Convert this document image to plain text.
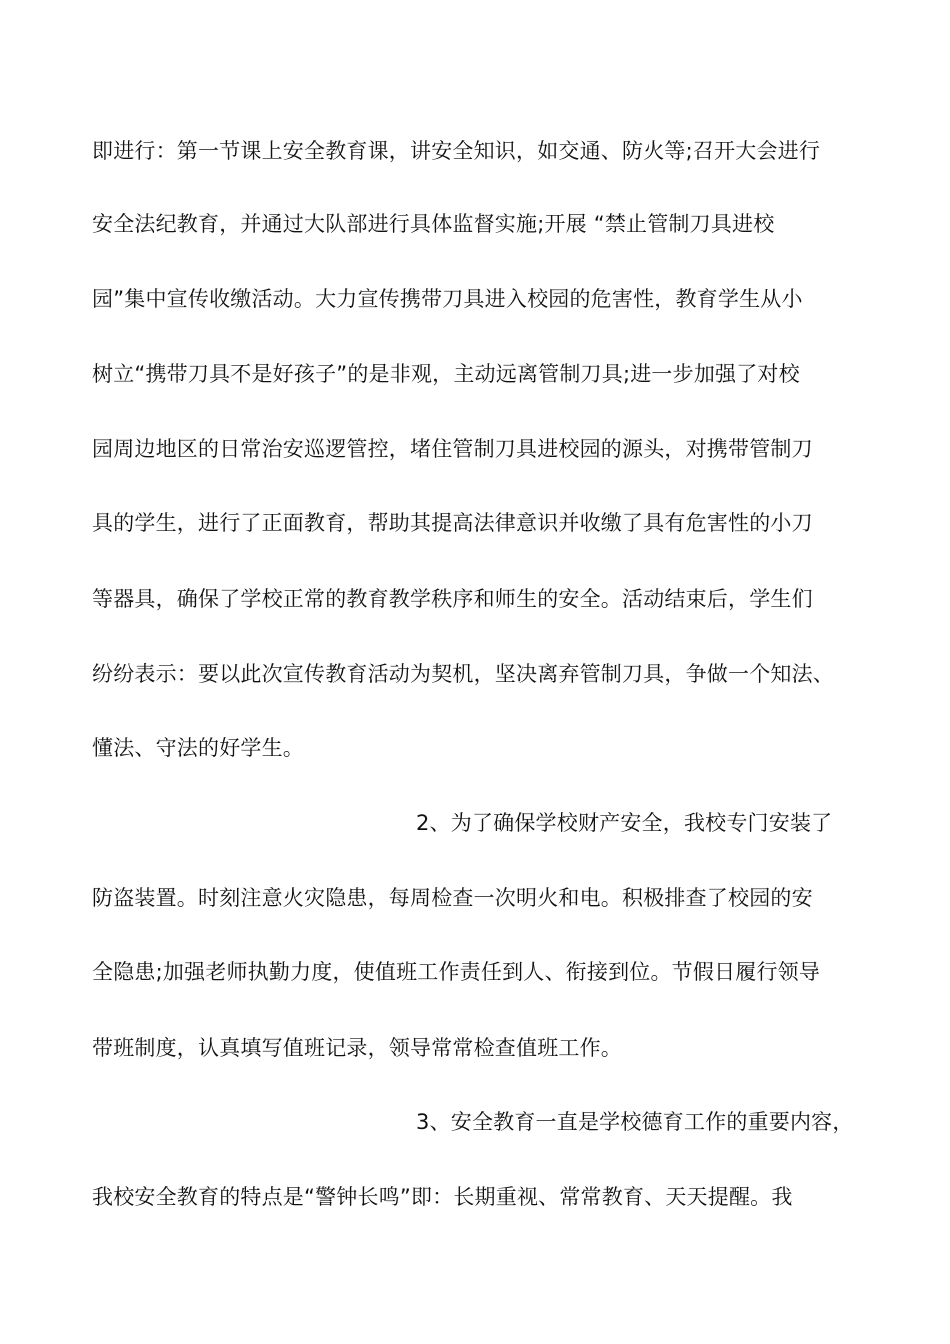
即进行：第一节课上安全教育课，讲安全知识，如交通、防火等;召开大会进行
安全法纪教育，并通过大队部进行具体监督实施;开展 “禁止管制刀具进校
园”集中宣传收缴活动。大力宣传携带刀具进入校园的危害性，教育学生从小
树立“携带刀具不是好孩子”的是非观，主动远离管制刀具;进一步加强了对校
园周边地区的日常治安巡逻管控，堵住管制刀具进校园的源头，对携带管制刀
具的学生，进行了正面教育，帮助其提高法律意识并收缴了具有危害性的小刀
等器具，确保了学校正常的教育教学秩序和师生的安全。活动结束后，学生们
纷纷表示：要以此次宣传教育活动为契机，坚决离弃管制刀具，争做一个知法、
懂法、守法的好学生。
2、为了确保学校财产安全，我校专门安装了
防盗装置。时刻注意火灾隐患，每周检查一次明火和电。积极排查了校园的安
全隐患;加强老师执勤力度，使值班工作责任到人、衔接到位。节假日履行领导
带班制度，认真填写值班记录，领导常常检查值班工作。
3、安全教育一直是学校德育工作的重要内容，
我校安全教育的特点是“警钟长鸣”即：长期重视、常常教育、天天提醒。我
